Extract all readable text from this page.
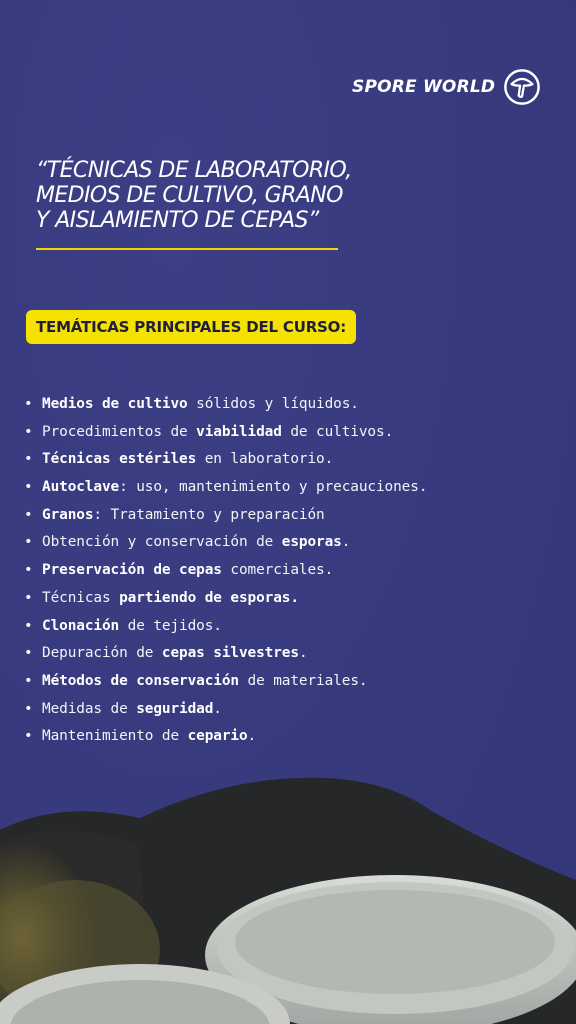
SPORE WORLD
“TÉCNICAS DE LABORATORIO,
MEDIOS DE CULTIVO, GRANO
Y AISLAMIENTO DE CEPAS”
TEMÁTICAS PRINCIPALES DEL CURSO:
• Medios de cultivo sólidos y líquidos.
• Procedimientos de viabilidad de cultivos.
• Técnicas estériles en laboratorio.
• Autoclave: uso, mantenimiento y precauciones.
• Granos: Tratamiento y preparación
• Obtención y conservación de esporas.
• Preservación de cepas comerciales.
• Técnicas partiendo de esporas.
• Clonación de tejidos.
• Depuración de cepas silvestres.
• Métodos de conservación de materiales.
• Medidas de seguridad.
• Mantenimiento de cepario.
